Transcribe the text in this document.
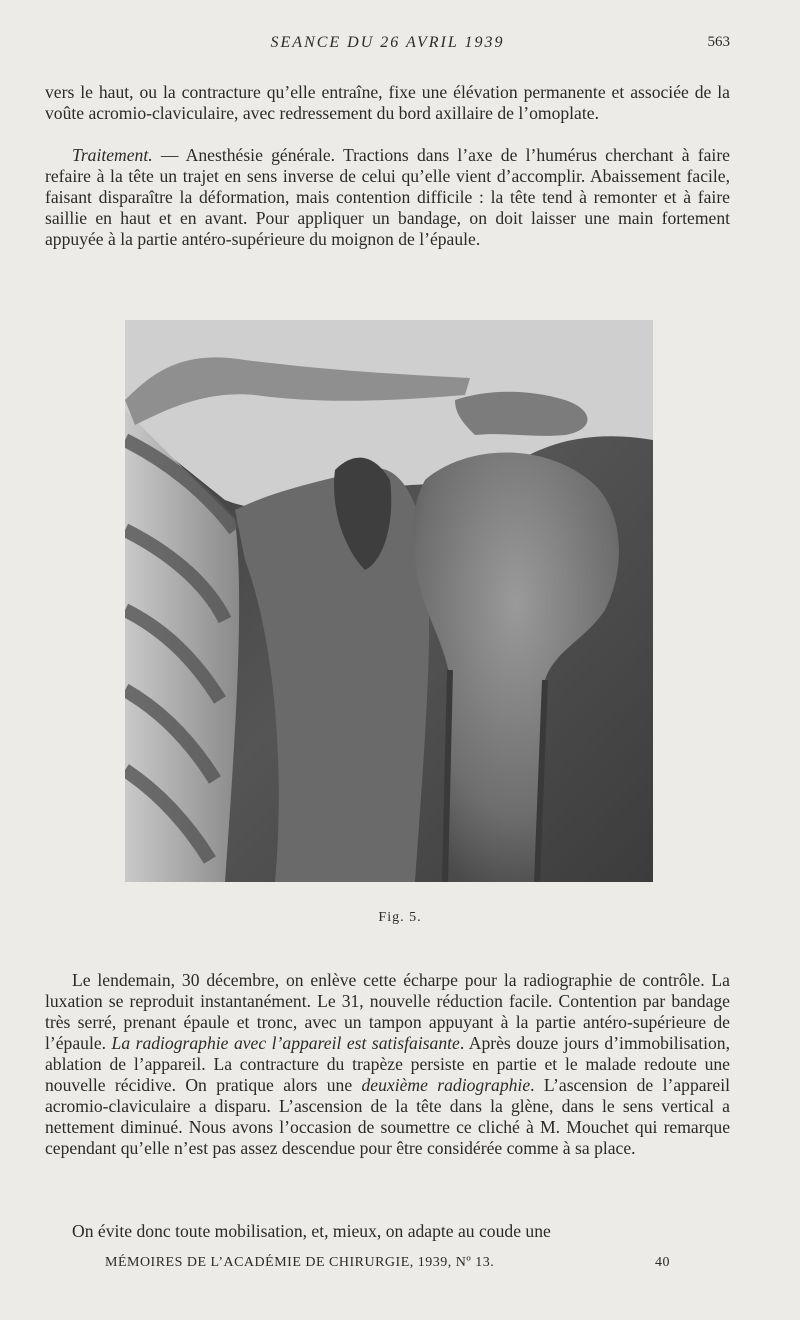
SEANCE DU 26 AVRIL 1939	563

vers le haut, ou la contracture qu’elle entraîne, fixe une élévation permanente et associée de la voûte acromio-claviculaire, avec redressement du bord axillaire de l’omoplate.

Traitement. — Anesthésie générale. Tractions dans l’axe de l’humérus cherchant à faire refaire à la tête un trajet en sens inverse de celui qu’elle vient d’accomplir. Abaissement facile, faisant disparaître la déformation, mais contention difficile : la tête tend à remonter et à faire saillie en haut et en avant. Pour appliquer un bandage, on doit laisser une main fortement appuyée à la partie antéro-supérieure du moignon de l’épaule.

Fig. 5.

Le lendemain, 30 décembre, on enlève cette écharpe pour la radiographie de contrôle. La luxation se reproduit instantanément. Le 31, nouvelle réduction facile. Contention par bandage très serré, prenant épaule et tronc, avec un tampon appuyant à la partie antéro-supérieure de l’épaule. La radiographie avec l’appareil est satisfaisante. Après douze jours d’immobilisation, ablation de l’appareil. La contracture du trapèze persiste en partie et le malade redoute une nouvelle récidive. On pratique alors une deuxième radiographie. L’ascension de l’appareil acromio-claviculaire a disparu. L’ascension de la tête dans la glène, dans le sens vertical a nettement diminué. Nous avons l’occasion de soumettre ce cliché à M. Mouchet qui remarque cependant qu’elle n’est pas assez descendue pour être considérée comme à sa place.

On évite donc toute mobilisation, et, mieux, on adapte au coude une

MÉMOIRES DE L’ACADÉMIE DE CHIRURGIE, 1939, Nº 13.	40
